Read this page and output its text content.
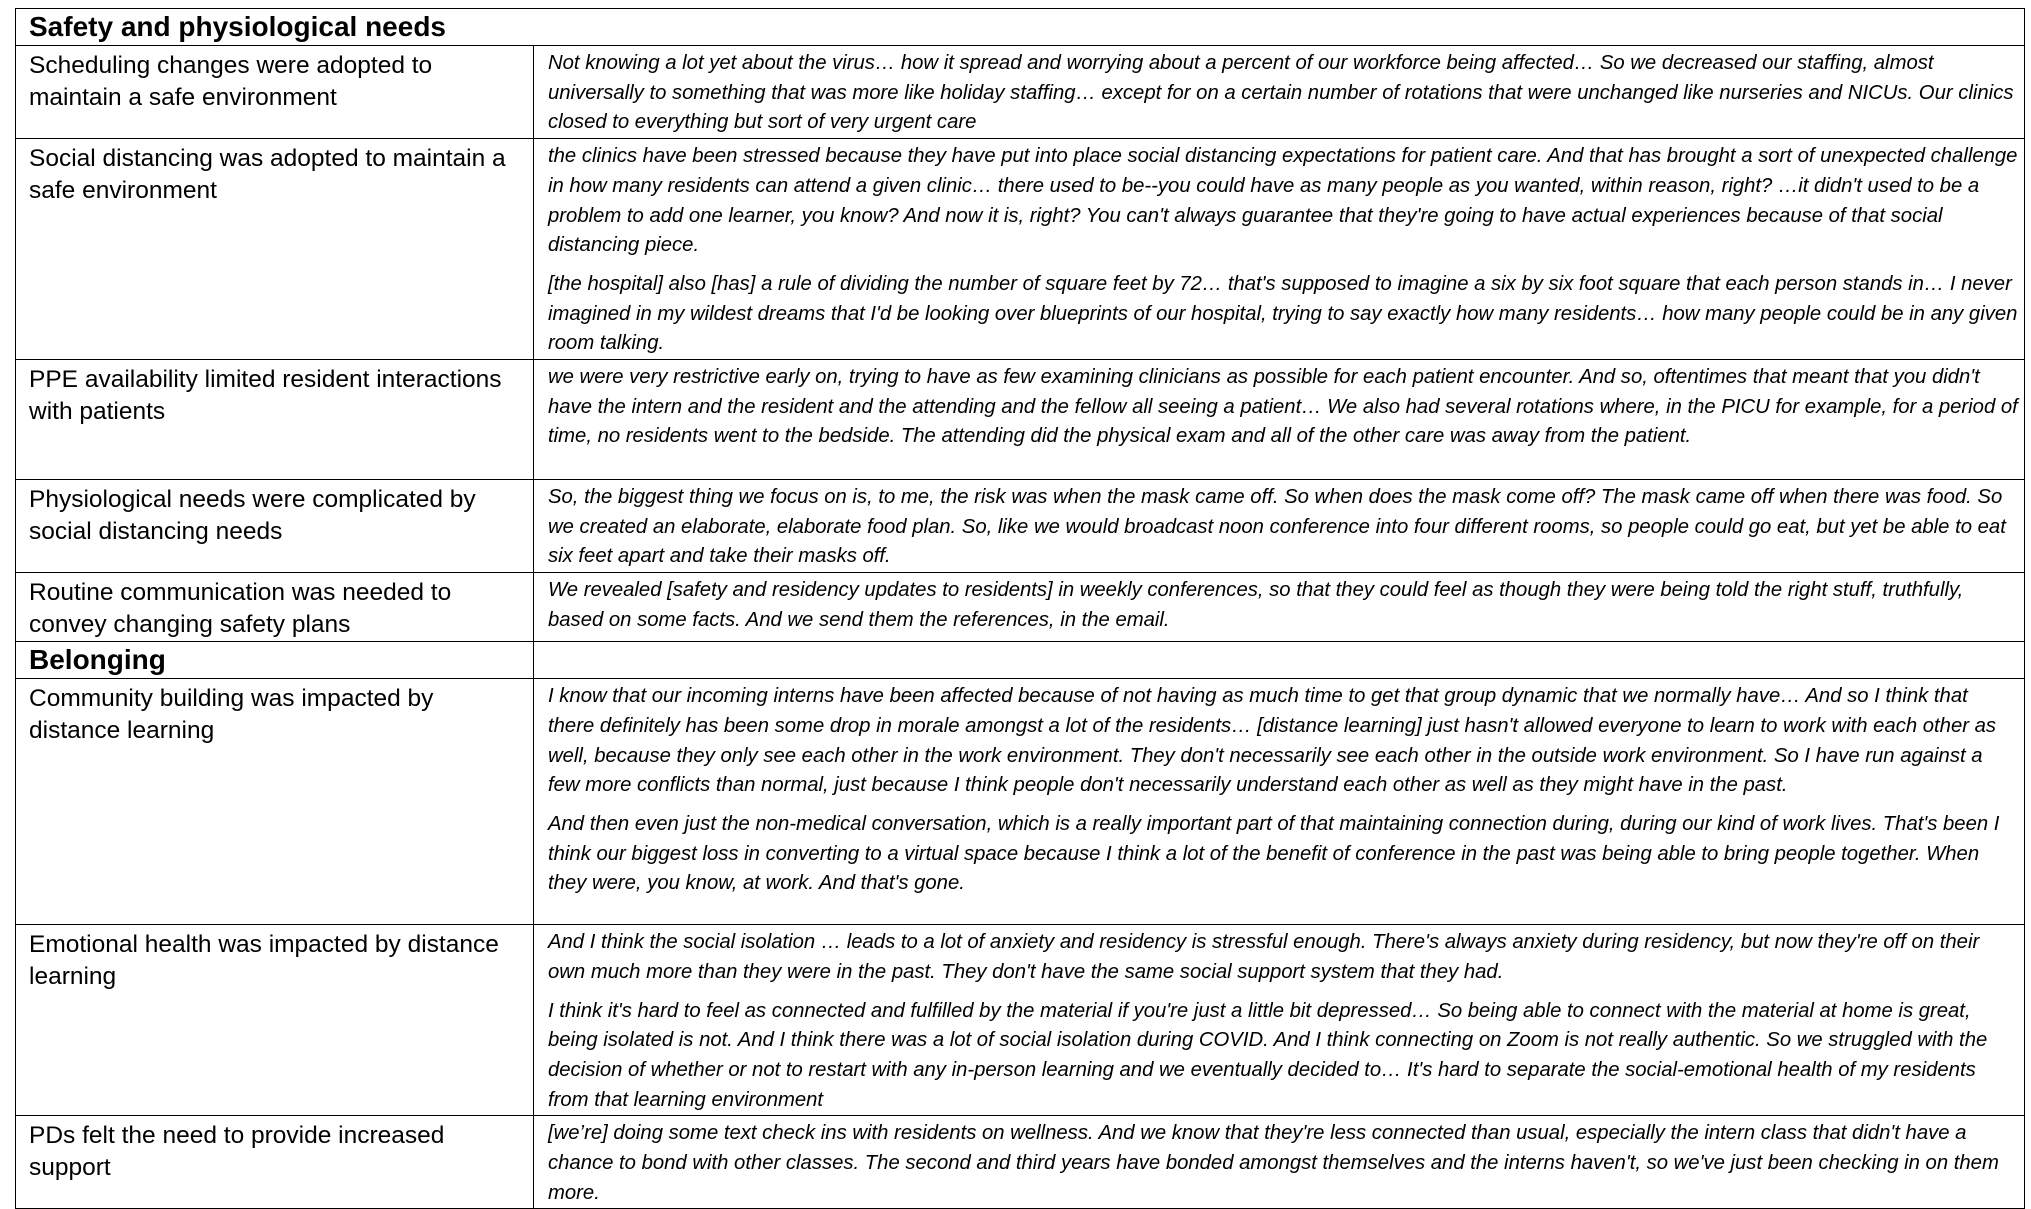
Safety and physiological needs	
Scheduling changes were adopted to maintain a safe environment	Not knowing a lot yet about the virus… how it spread and worrying about a percent of our workforce being affected… So we decreased our staffing, almost universally to something that was more like holiday staffing… except for on a certain number of rotations that were unchanged like nurseries and NICUs. Our clinics closed to everything but sort of very urgent care

Social distancing was adopted to maintain a safe environment	the clinics have been stressed because they have put into place social distancing expectations for patient care. And that has brought a sort of unexpected challenge in how many residents can attend a given clinic… there used to be--you could have as many people as you wanted, within reason, right? …it didn't used to be a problem to add one learner, you know? And now it is, right? You can't always guarantee that they're going to have actual experiences because of that social distancing piece.

[the hospital] also [has] a rule of dividing the number of square feet by 72… that's supposed to imagine a six by six foot square that each person stands in… I never imagined in my wildest dreams that I'd be looking over blueprints of our hospital, trying to say exactly how many residents… how many people could be in any given room talking.

PPE availability limited resident interactions with patients	we were very restrictive early on, trying to have as few examining clinicians as possible for each patient encounter. And so, oftentimes that meant that you didn't have the intern and the resident and the attending and the fellow all seeing a patient… We also had several rotations where, in the PICU for example, for a period of time, no residents went to the bedside. The attending did the physical exam and all of the other care was away from the patient.

Physiological needs were complicated by social distancing needs	So, the biggest thing we focus on is, to me, the risk was when the mask came off. So when does the mask come off? The mask came off when there was food. So we created an elaborate, elaborate food plan. So, like we would broadcast noon conference into four different rooms, so people could go eat, but yet be able to eat six feet apart and take their masks off.

Routine communication was needed to convey changing safety plans	We revealed [safety and residency updates to residents] in weekly conferences, so that they could feel as though they were being told the right stuff, truthfully, based on some facts. And we send them the references, in the email.

Belonging	
Community building was impacted by distance learning	I know that our incoming interns have been affected because of not having as much time to get that group dynamic that we normally have… And so I think that there definitely has been some drop in morale amongst a lot of the residents… [distance learning] just hasn't allowed everyone to learn to work with each other as well, because they only see each other in the work environment. They don't necessarily see each other in the outside work environment. So I have run against a few more conflicts than normal, just because I think people don't necessarily understand each other as well as they might have in the past.

And then even just the non-medical conversation, which is a really important part of that maintaining connection during, during our kind of work lives. That's been I think our biggest loss in converting to a virtual space because I think a lot of the benefit of conference in the past was being able to bring people together. When they were, you know, at work. And that's gone.

Emotional health was impacted by distance learning	And I think the social isolation … leads to a lot of anxiety and residency is stressful enough. There's always anxiety during residency, but now they're off on their own much more than they were in the past. They don't have the same social support system that they had.

I think it's hard to feel as connected and fulfilled by the material if you're just a little bit depressed… So being able to connect with the material at home is great, being isolated is not. And I think there was a lot of social isolation during COVID. And I think connecting on Zoom is not really authentic. So we struggled with the decision of whether or not to restart with any in-person learning and we eventually decided to… It's hard to separate the social-emotional health of my residents from that learning environment

PDs felt the need to provide increased support	[we’re] doing some text check ins with residents on wellness. And we know that they're less connected than usual, especially the intern class that didn't have a chance to bond with other classes. The second and third years have bonded amongst themselves and the interns haven't, so we've just been checking in on them more.
